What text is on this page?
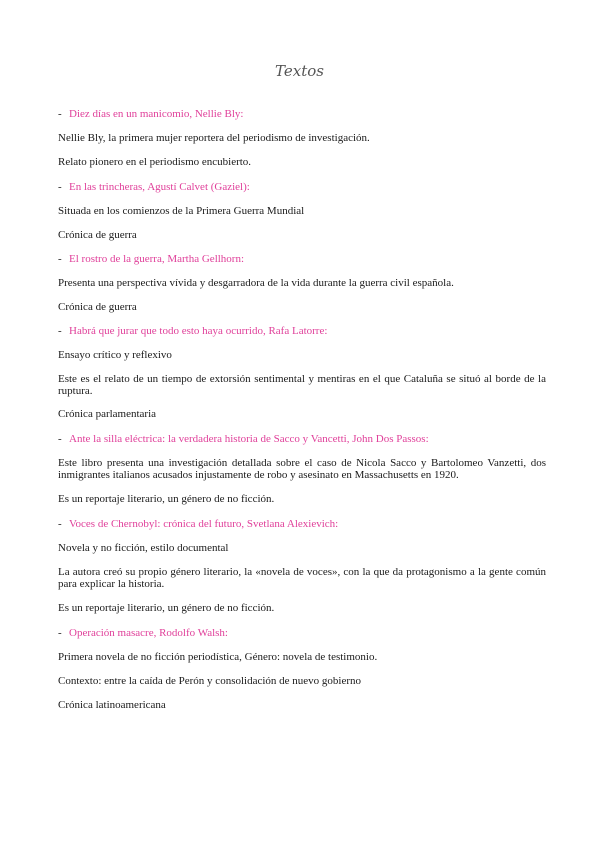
Textos
- Diez días en un manicomio, Nellie Bly:
Nellie Bly, la primera mujer reportera del periodismo de investigación.
Relato pionero en el periodismo encubierto.
- En las trincheras, Agustí Calvet (Gaziel):
Situada en los comienzos de la Primera Guerra Mundial
Crónica de guerra
- El rostro de la guerra, Martha Gellhorn:
Presenta una perspectiva vívida y desgarradora de la vida durante la guerra civil española.
Crónica de guerra
- Habrá que jurar que todo esto haya ocurrido, Rafa Latorre:
Ensayo crítico y reflexivo
Este es el relato de un tiempo de extorsión sentimental y mentiras en el que Cataluña se situó al borde de la ruptura.
Crónica parlamentaria
- Ante la silla eléctrica: la verdadera historia de Sacco y Vancetti, John Dos Passos:
Este libro presenta una investigación detallada sobre el caso de Nicola Sacco y Bartolomeo Vanzetti, dos inmigrantes italianos acusados injustamente de robo y asesinato en Massachusetts en 1920.
Es un reportaje literario, un género de no ficción.
- Voces de Chernobyl: crónica del futuro, Svetlana Alexievich:
Novela y no ficción, estilo documental
La autora creó su propio género literario, la «novela de voces», con la que da protagonismo a la gente común para explicar la historia.
Es un reportaje literario, un género de no ficción.
- Operación masacre, Rodolfo Walsh:
Primera novela de no ficción periodística, Género: novela de testimonio.
Contexto: entre la caída de Perón y consolidación de nuevo gobierno
Crónica latinoamericana
